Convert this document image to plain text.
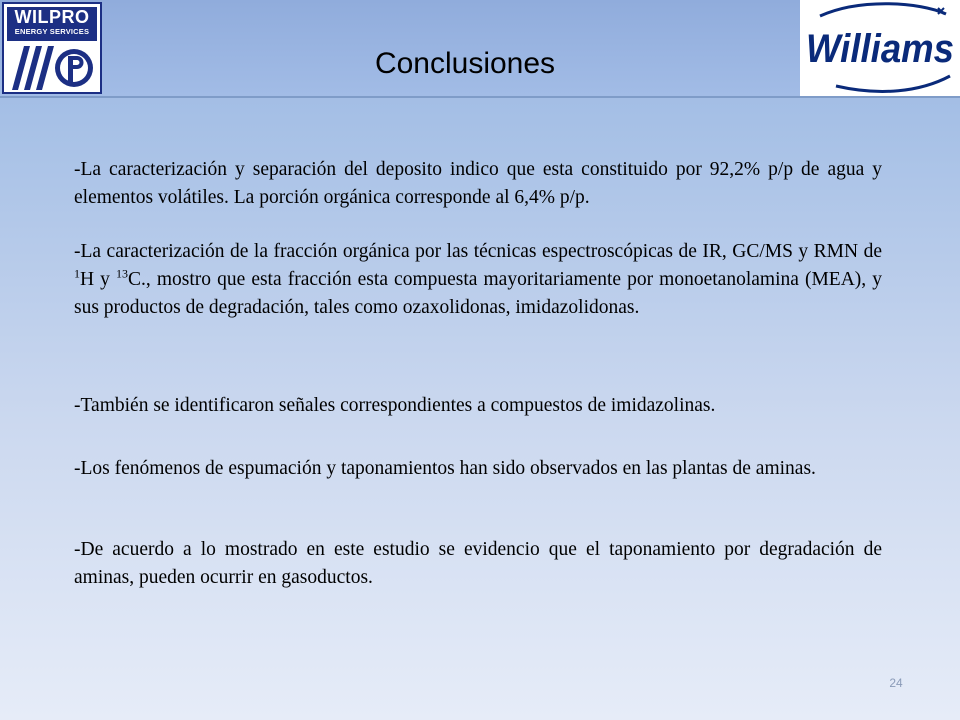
WILPRO
ENERGY SERVICES	Williams
Conclusiones

-La caracterización y separación del deposito indico que esta constituido por 92,2% p/p de agua y elementos volátiles. La porción orgánica corresponde al 6,4% p/p.

-La caracterización de la fracción orgánica por las técnicas espectroscópicas de IR, GC/MS y RMN de $^1$H y $^{13}$C., mostro que esta fracción esta compuesta mayoritariamente por monoetanolamina (MEA), y sus productos de degradación, tales como ozaxolidonas, imidazolidonas.

-También se identificaron señales correspondientes a compuestos de imidazolinas.

-Los fenómenos de espumación y taponamientos han sido observados en las plantas de aminas.

-De acuerdo a lo mostrado en este estudio se evidencio que el taponamiento por degradación de aminas, pueden ocurrir en gasoductos.

24
